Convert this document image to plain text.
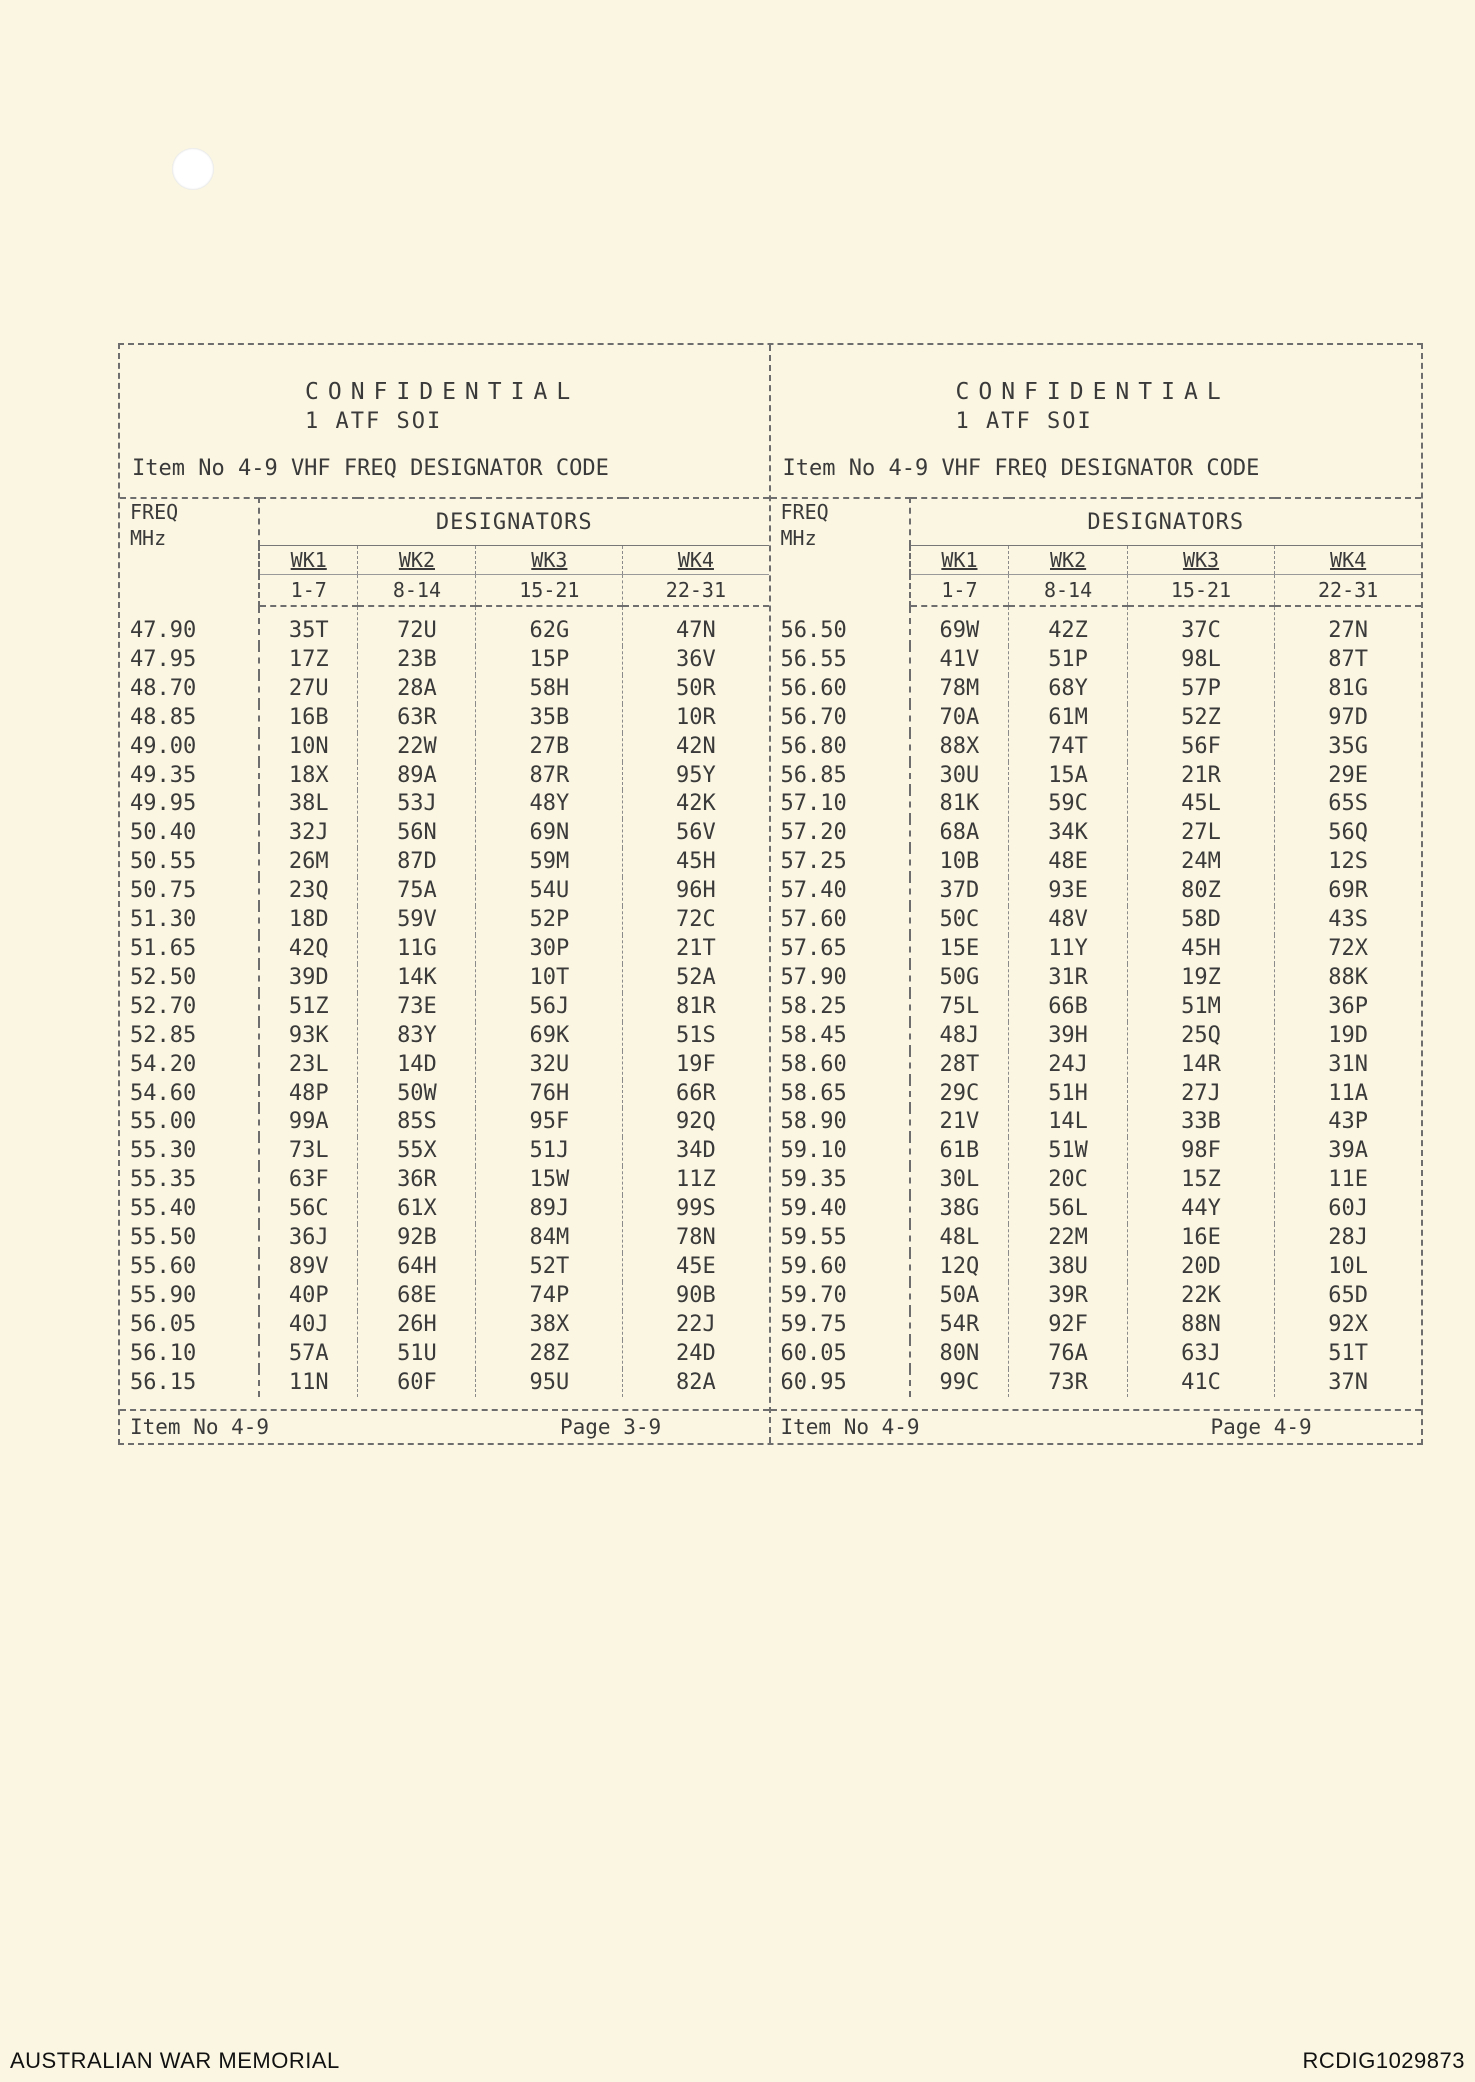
CONFIDENTIAL
1 ATF SOI
Item No 4-9 VHF FREQ DESIGNATOR CODE
FREQ
MHz	DESIGNATORS			
	WK1	WK2	WK3	WK4
	1-7	8-14	15-21	22-31
47.90	35T	72U	62G	47N
47.95	17Z	23B	15P	36V
48.70	27U	28A	58H	50R
48.85	16B	63R	35B	10R
49.00	10N	22W	27B	42N
49.35	18X	89A	87R	95Y
49.95	38L	53J	48Y	42K
50.40	32J	56N	69N	56V
50.55	26M	87D	59M	45H
50.75	23Q	75A	54U	96H
51.30	18D	59V	52P	72C
51.65	42Q	11G	30P	21T
52.50	39D	14K	10T	52A
52.70	51Z	73E	56J	81R
52.85	93K	83Y	69K	51S
54.20	23L	14D	32U	19F
54.60	48P	50W	76H	66R
55.00	99A	85S	95F	92Q
55.30	73L	55X	51J	34D
55.35	63F	36R	15W	11Z
55.40	56C	61X	89J	99S
55.50	36J	92B	84M	78N
55.60	89V	64H	52T	45E
55.90	40P	68E	74P	90B
56.05	40J	26H	38X	22J
56.10	57A	51U	28Z	24D
56.15	11N	60F	95U	82A
Item No 4-9	Page 3-9
CONFIDENTIAL
1 ATF SOI
Item No 4-9 VHF FREQ DESIGNATOR CODE
FREQ
MHz	DESIGNATORS			
	WK1	WK2	WK3	WK4
	1-7	8-14	15-21	22-31
56.50	69W	42Z	37C	27N
56.55	41V	51P	98L	87T
56.60	78M	68Y	57P	81G
56.70	70A	61M	52Z	97D
56.80	88X	74T	56F	35G
56.85	30U	15A	21R	29E
57.10	81K	59C	45L	65S
57.20	68A	34K	27L	56Q
57.25	10B	48E	24M	12S
57.40	37D	93E	80Z	69R
57.60	50C	48V	58D	43S
57.65	15E	11Y	45H	72X
57.90	50G	31R	19Z	88K
58.25	75L	66B	51M	36P
58.45	48J	39H	25Q	19D
58.60	28T	24J	14R	31N
58.65	29C	51H	27J	11A
58.90	21V	14L	33B	43P
59.10	61B	51W	98F	39A
59.35	30L	20C	15Z	11E
59.40	38G	56L	44Y	60J
59.55	48L	22M	16E	28J
59.60	12Q	38U	20D	10L
59.70	50A	39R	22K	65D
59.75	54R	92F	88N	92X
60.05	80N	76A	63J	51T
60.95	99C	73R	41C	37N
Item No 4-9	Page 4-9
AUSTRALIAN WAR MEMORIAL	RCDIG1029873
